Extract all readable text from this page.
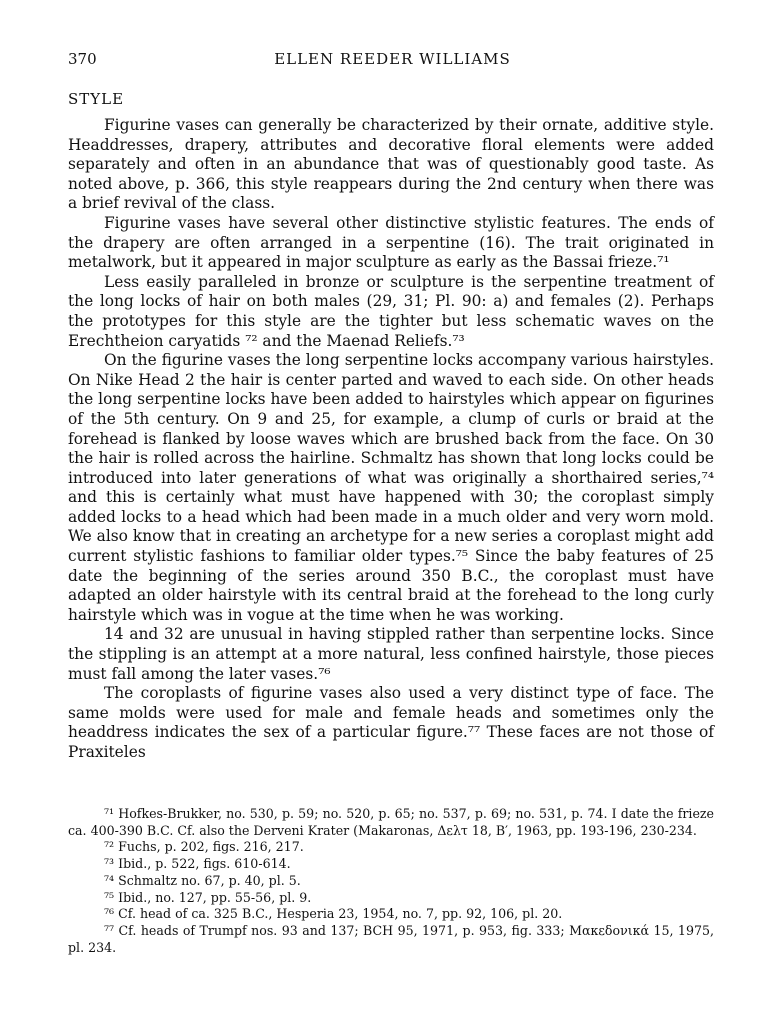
370	ELLEN REEDER WILLIAMS
STYLE

Figurine vases can generally be characterized by their ornate, additive style. Headdresses, drapery, attributes and decorative floral elements were added separately and often in an abundance that was of questionably good taste. As noted above, p. 366, this style reappears during the 2nd century when there was a brief revival of the class.

Figurine vases have several other distinctive stylistic features. The ends of the drapery are often arranged in a serpentine (16). The trait originated in metalwork, but it appeared in major sculpture as early as the Bassai frieze.⁷¹

Less easily paralleled in bronze or sculpture is the serpentine treatment of the long locks of hair on both males (29, 31; Pl. 90: a) and females (2). Perhaps the prototypes for this style are the tighter but less schematic waves on the Erechtheion caryatids ⁷² and the Maenad Reliefs.⁷³

On the figurine vases the long serpentine locks accompany various hairstyles. On Nike Head 2 the hair is center parted and waved to each side. On other heads the long serpentine locks have been added to hairstyles which appear on figurines of the 5th century. On 9 and 25, for example, a clump of curls or braid at the forehead is flanked by loose waves which are brushed back from the face. On 30 the hair is rolled across the hairline. Schmaltz has shown that long locks could be introduced into later generations of what was originally a shorthaired series,⁷⁴ and this is certainly what must have happened with 30; the coroplast simply added locks to a head which had been made in a much older and very worn mold. We also know that in creating an archetype for a new series a coroplast might add current stylistic fashions to familiar older types.⁷⁵ Since the baby features of 25 date the beginning of the series around 350 B.C., the coroplast must have adapted an older hairstyle with its central braid at the forehead to the long curly hairstyle which was in vogue at the time when he was working.

14 and 32 are unusual in having stippled rather than serpentine locks. Since the stippling is an attempt at a more natural, less confined hairstyle, those pieces must fall among the later vases.⁷⁶

The coroplasts of figurine vases also used a very distinct type of face. The same molds were used for male and female heads and sometimes only the headdress indicates the sex of a particular figure.⁷⁷ These faces are not those of Praxiteles

⁷¹ Hofkes-Brukker, no. 530, p. 59; no. 520, p. 65; no. 537, p. 69; no. 531, p. 74. I date the frieze ca. 400-390 B.C. Cf. also the Derveni Krater (Makaronas, Δελτ 18, Β′, 1963, pp. 193-196, 230-234.

⁷² Fuchs, p. 202, figs. 216, 217.

⁷³ Ibid., p. 522, figs. 610-614.

⁷⁴ Schmaltz no. 67, p. 40, pl. 5.

⁷⁵ Ibid., no. 127, pp. 55-56, pl. 9.

⁷⁶ Cf. head of ca. 325 B.C., Hesperia 23, 1954, no. 7, pp. 92, 106, pl. 20.

⁷⁷ Cf. heads of Trumpf nos. 93 and 137; BCH 95, 1971, p. 953, fig. 333; Μακεδονικά 15, 1975, pl. 234.
